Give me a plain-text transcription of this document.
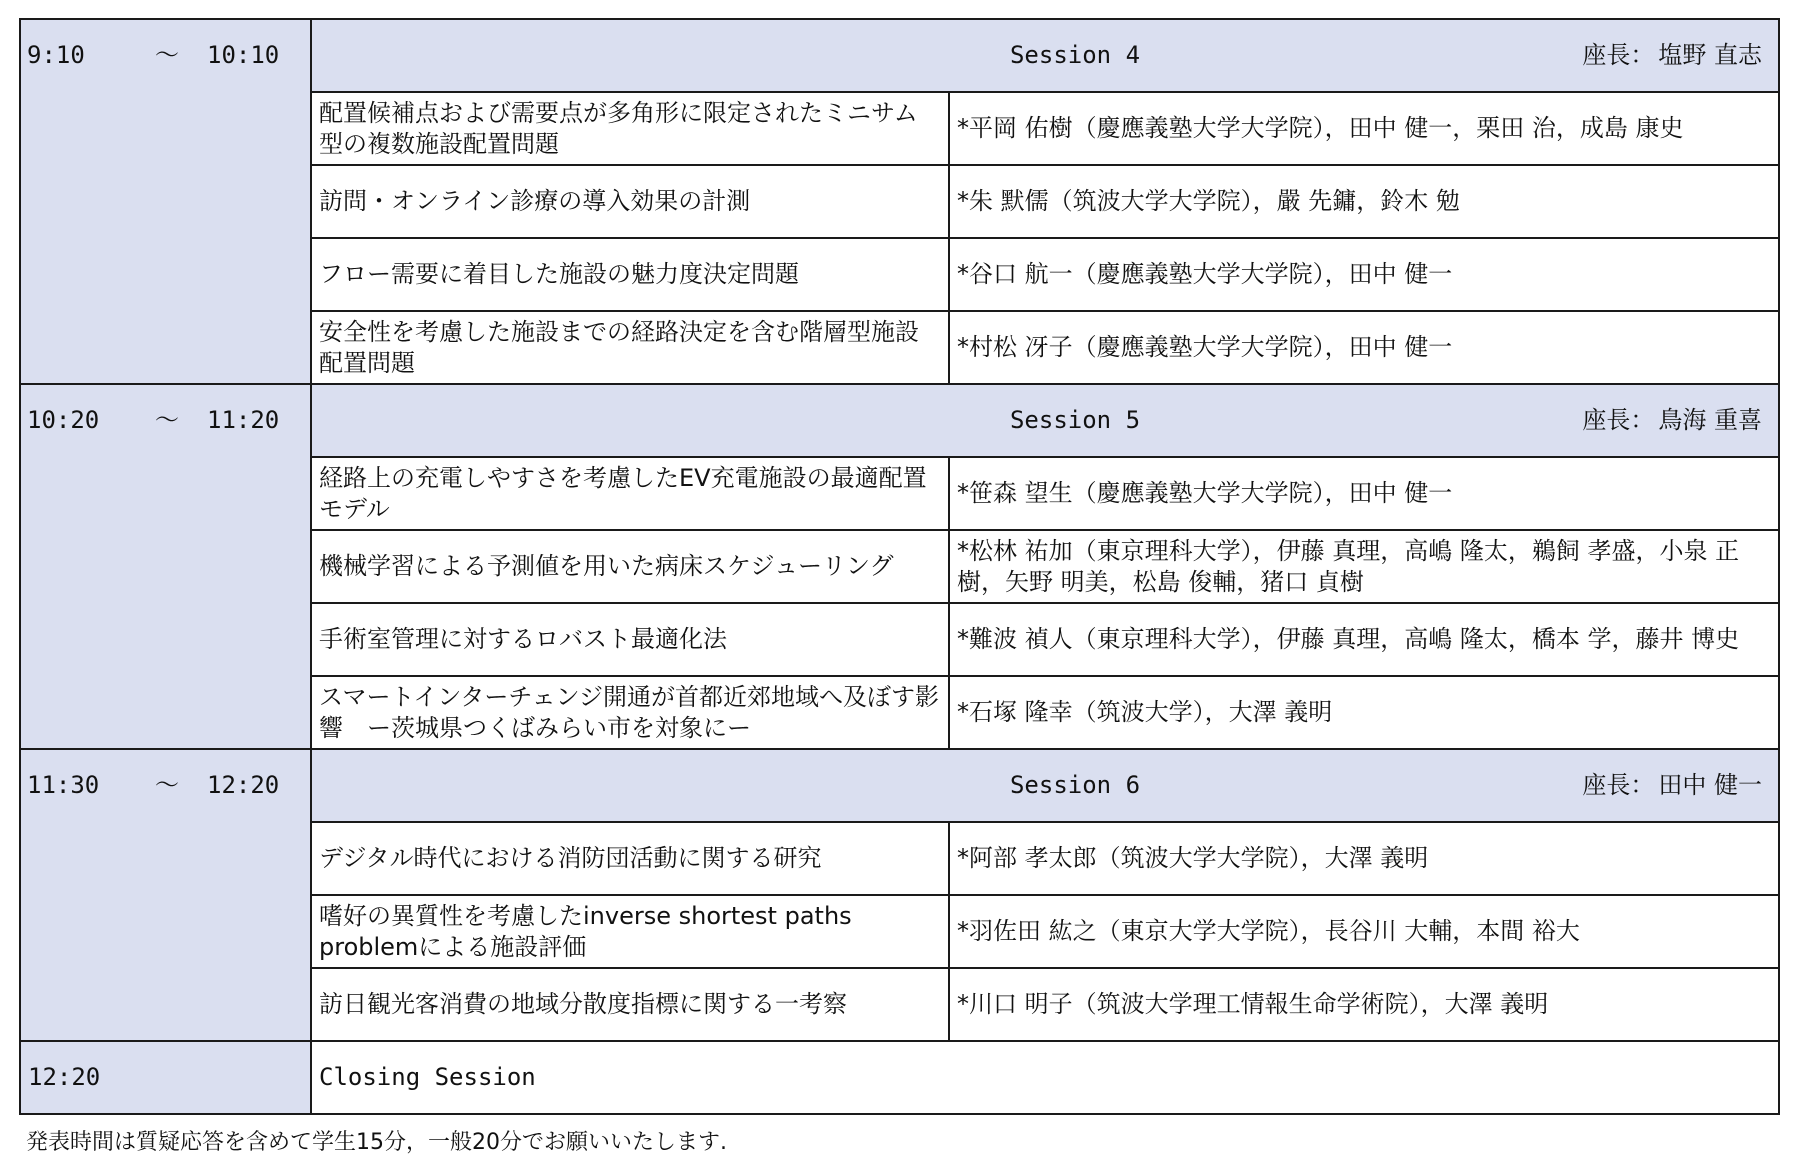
9:10 〜 10:10	Session 4 座長： 塩野 直志	

	配置候補点および需要点が多角形に限定されたミニサム型の複数施設配置問題	*平岡 佑樹（慶應義塾大学大学院），田中 健一，栗田 治，成島 康史
	訪問・オンライン診療の導入効果の計測	*朱 默儒（筑波大学大学院），嚴 先鏞，鈴木 勉
	フロー需要に着目した施設の魅力度決定問題	*谷口 航一（慶應義塾大学大学院），田中 健一
	安全性を考慮した施設までの経路決定を含む階層型施設配置問題	*村松 冴子（慶應義塾大学大学院），田中 健一

10:20 〜 11:20	Session 5 座長： 鳥海 重喜	

	経路上の充電しやすさを考慮したEV充電施設の最適配置モデル	*笹森 望生（慶應義塾大学大学院），田中 健一
	機械学習による予測値を用いた病床スケジューリング	*松林 祐加（東京理科大学），伊藤 真理，高嶋 隆太，鵜飼 孝盛，小泉 正樹，矢野 明美，松島 俊輔，猪口 貞樹
	手術室管理に対するロバスト最適化法	*難波 禎人（東京理科大学），伊藤 真理，高嶋 隆太，橋本 学，藤井 博史
	スマートインターチェンジ開通が首都近郊地域へ及ぼす影響　ー茨城県つくばみらい市を対象にー	*石塚 隆幸（筑波大学），大澤 義明

11:30 〜 12:20	Session 6 座長： 田中 健一	

	デジタル時代における消防団活動に関する研究	*阿部 孝太郎（筑波大学大学院），大澤 義明
	嗜好の異質性を考慮したinverse shortest paths problemによる施設評価	*羽佐田 紘之（東京大学大学院），長谷川 大輔，本間 裕大
	訪日観光客消費の地域分散度指標に関する一考察	*川口 明子（筑波大学理工情報生命学術院），大澤 義明
12:20	Closing Session	
発表時間は質疑応答を含めて学生15分，一般20分でお願いいたします.
